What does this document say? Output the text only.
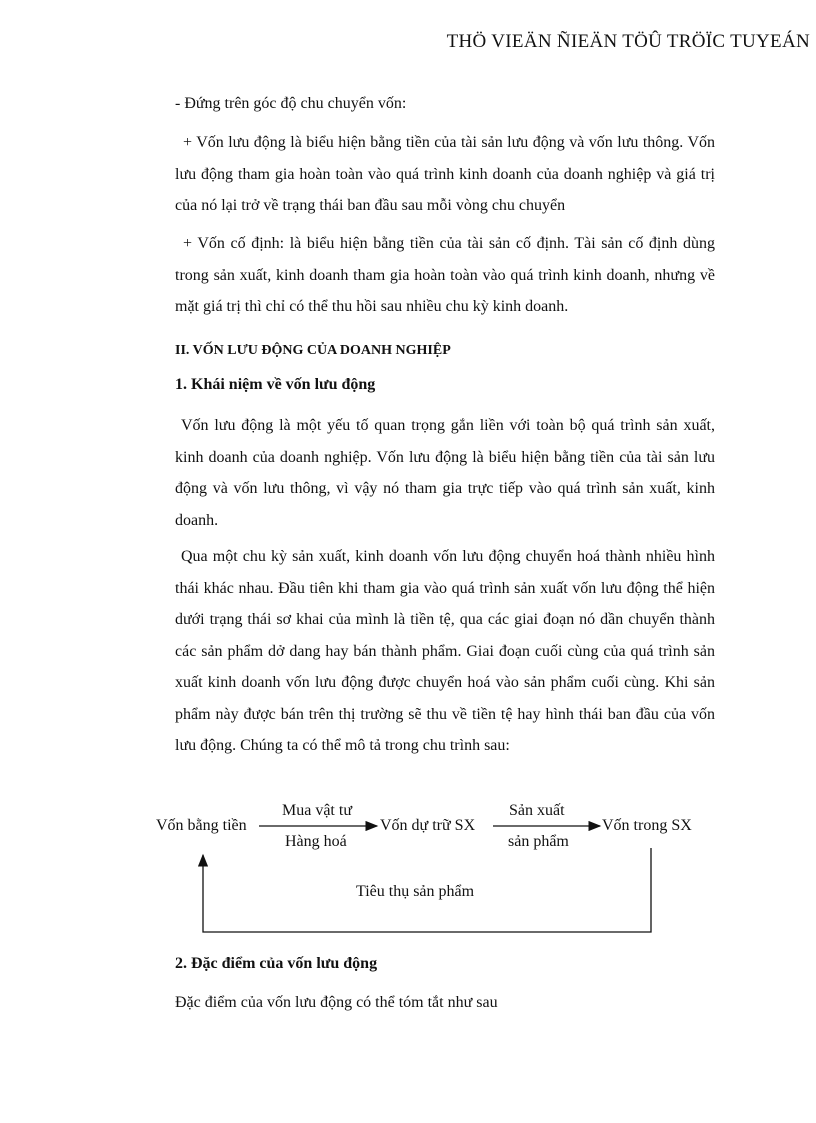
THÖ VIEÄN ÑIEÄN TÖÛ TRÖÏC TUYEÁN

- Đứng trên góc độ chu chuyển vốn:

+ Vốn lưu động là biểu hiện bằng tiền của tài sản lưu động và vốn lưu thông. Vốn lưu động tham gia hoàn toàn vào quá trình kinh doanh của doanh nghiệp và giá trị của nó lại trở về trạng thái ban đầu sau mỗi vòng chu chuyển

+ Vốn cố định: là biểu hiện bằng tiền của tài sản cố định. Tài sản cố định dùng trong sản xuất, kinh doanh tham gia hoàn toàn vào quá trình kinh doanh, nhưng về mặt giá trị thì chỉ có thể thu hồi sau nhiều chu kỳ kinh doanh.

II. VỐN LƯU ĐỘNG CỦA DOANH NGHIỆP

1. Khái niệm về vốn lưu động

Vốn lưu động là một yếu tố quan trọng gắn liền với toàn bộ quá trình sản xuất, kinh doanh của doanh nghiệp. Vốn lưu động là biểu hiện bằng tiền của tài sản lưu động và vốn lưu thông, vì vậy nó tham gia trực tiếp vào quá trình sản xuất, kinh doanh.

Qua một chu kỳ sản xuất, kinh doanh vốn lưu động chuyển hoá thành nhiều hình thái khác nhau. Đầu tiên khi tham gia vào quá trình sản xuất vốn lưu động thể hiện dưới trạng thái sơ khai của mình là tiền tệ, qua các giai đoạn nó dần chuyển thành các sản phẩm dở dang hay bán thành phẩm. Giai đoạn cuối cùng của quá trình sản xuất kinh doanh vốn lưu động được chuyển hoá vào sản phẩm cuối cùng. Khi sản phẩm này được bán trên thị trường sẽ thu về tiền tệ hay hình thái ban đầu của vốn lưu động. Chúng ta có thể mô tả trong chu trình sau:

Vốn bằng tiền	Vốn dự trữ SX	Vốn trong SX
Mua vật tư
Hàng hoá
Sản xuất
sản phẩm
Tiêu thụ sản phẩm

2. Đặc điểm của vốn lưu động

Đặc điểm của vốn lưu động có thể tóm tắt như sau
